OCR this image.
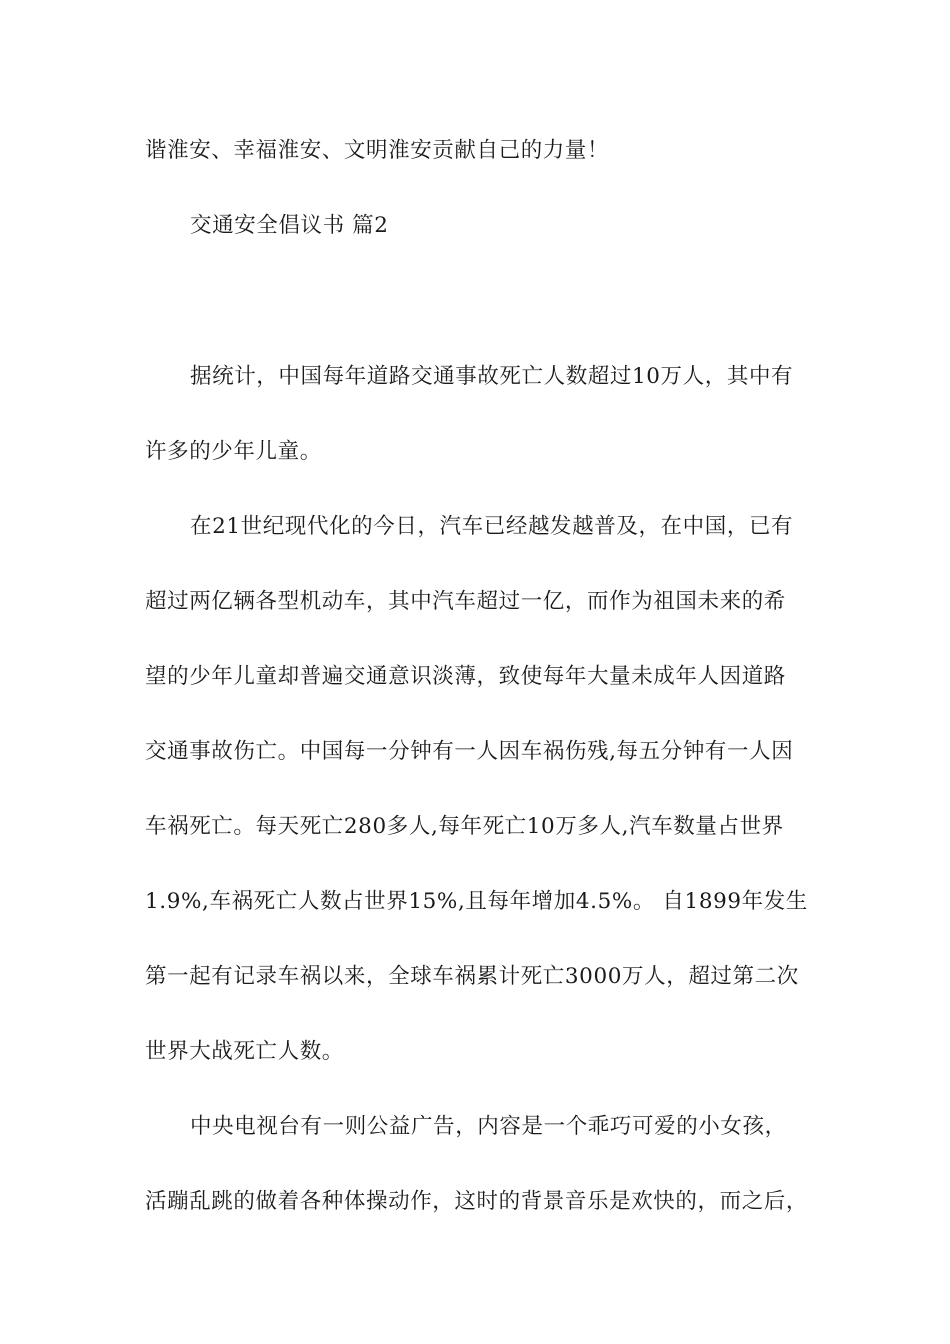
谐淮安、幸福淮安、文明淮安贡献自己的力量！
交通安全倡议书 篇2
据统计，中国每年道路交通事故死亡人数超过10万人，其中有
许多的少年儿童。
在21世纪现代化的今日，汽车已经越发越普及，在中国，已有
超过两亿辆各型机动车，其中汽车超过一亿，而作为祖国未来的希
望的少年儿童却普遍交通意识淡薄，致使每年大量未成年人因道路
交通事故伤亡。中国每一分钟有一人因车祸伤残,每五分钟有一人因
车祸死亡。每天死亡280多人,每年死亡10万多人,汽车数量占世界
1.9%,车祸死亡人数占世界15%,且每年增加4.5%。 自1899年发生
第一起有记录车祸以来，全球车祸累计死亡3000万人，超过第二次
世界大战死亡人数。
中央电视台有一则公益广告，内容是一个乖巧可爱的小女孩，
活蹦乱跳的做着各种体操动作，这时的背景音乐是欢快的，而之后，
